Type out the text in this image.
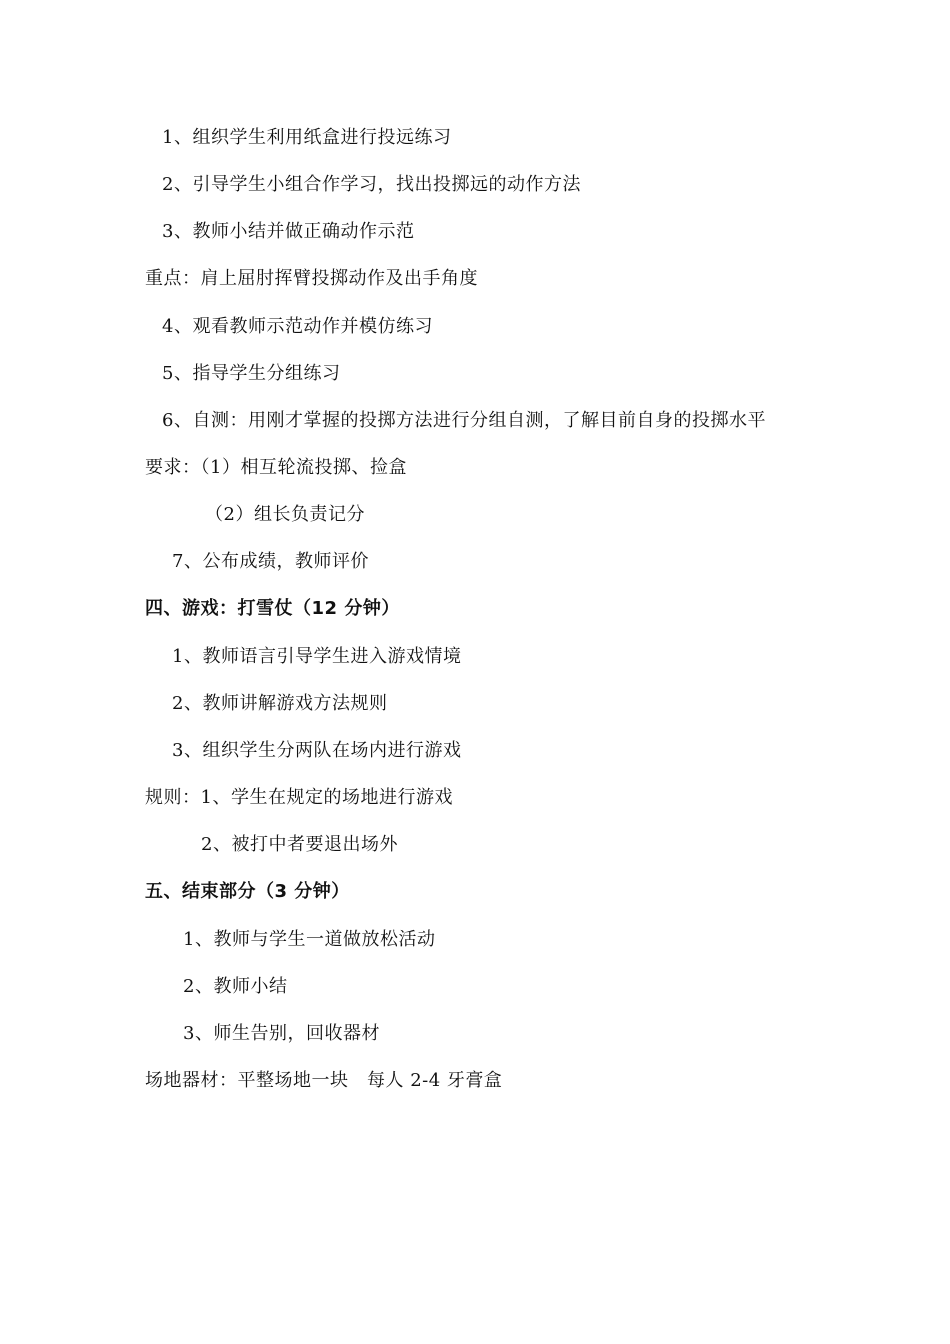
1、组织学生利用纸盒进行投远练习
2、引导学生小组合作学习，找出投掷远的动作方法
3、教师小结并做正确动作示范
重点：肩上屈肘挥臂投掷动作及出手角度
4、观看教师示范动作并模仿练习
5、指导学生分组练习
6、自测：用刚才掌握的投掷方法进行分组自测，了解目前自身的投掷水平
要求：（1）相互轮流投掷、捡盒
（2）组长负责记分
7、公布成绩，教师评价
四、游戏：打雪仗（12 分钟）
1、教师语言引导学生进入游戏情境
2、教师讲解游戏方法规则
3、组织学生分两队在场内进行游戏
规则：1、学生在规定的场地进行游戏
2、被打中者要退出场外
五、结束部分（3 分钟）
1、教师与学生一道做放松活动
2、教师小结
3、师生告别，回收器材
场地器材：平整场地一块　每人 2-4 牙膏盒
